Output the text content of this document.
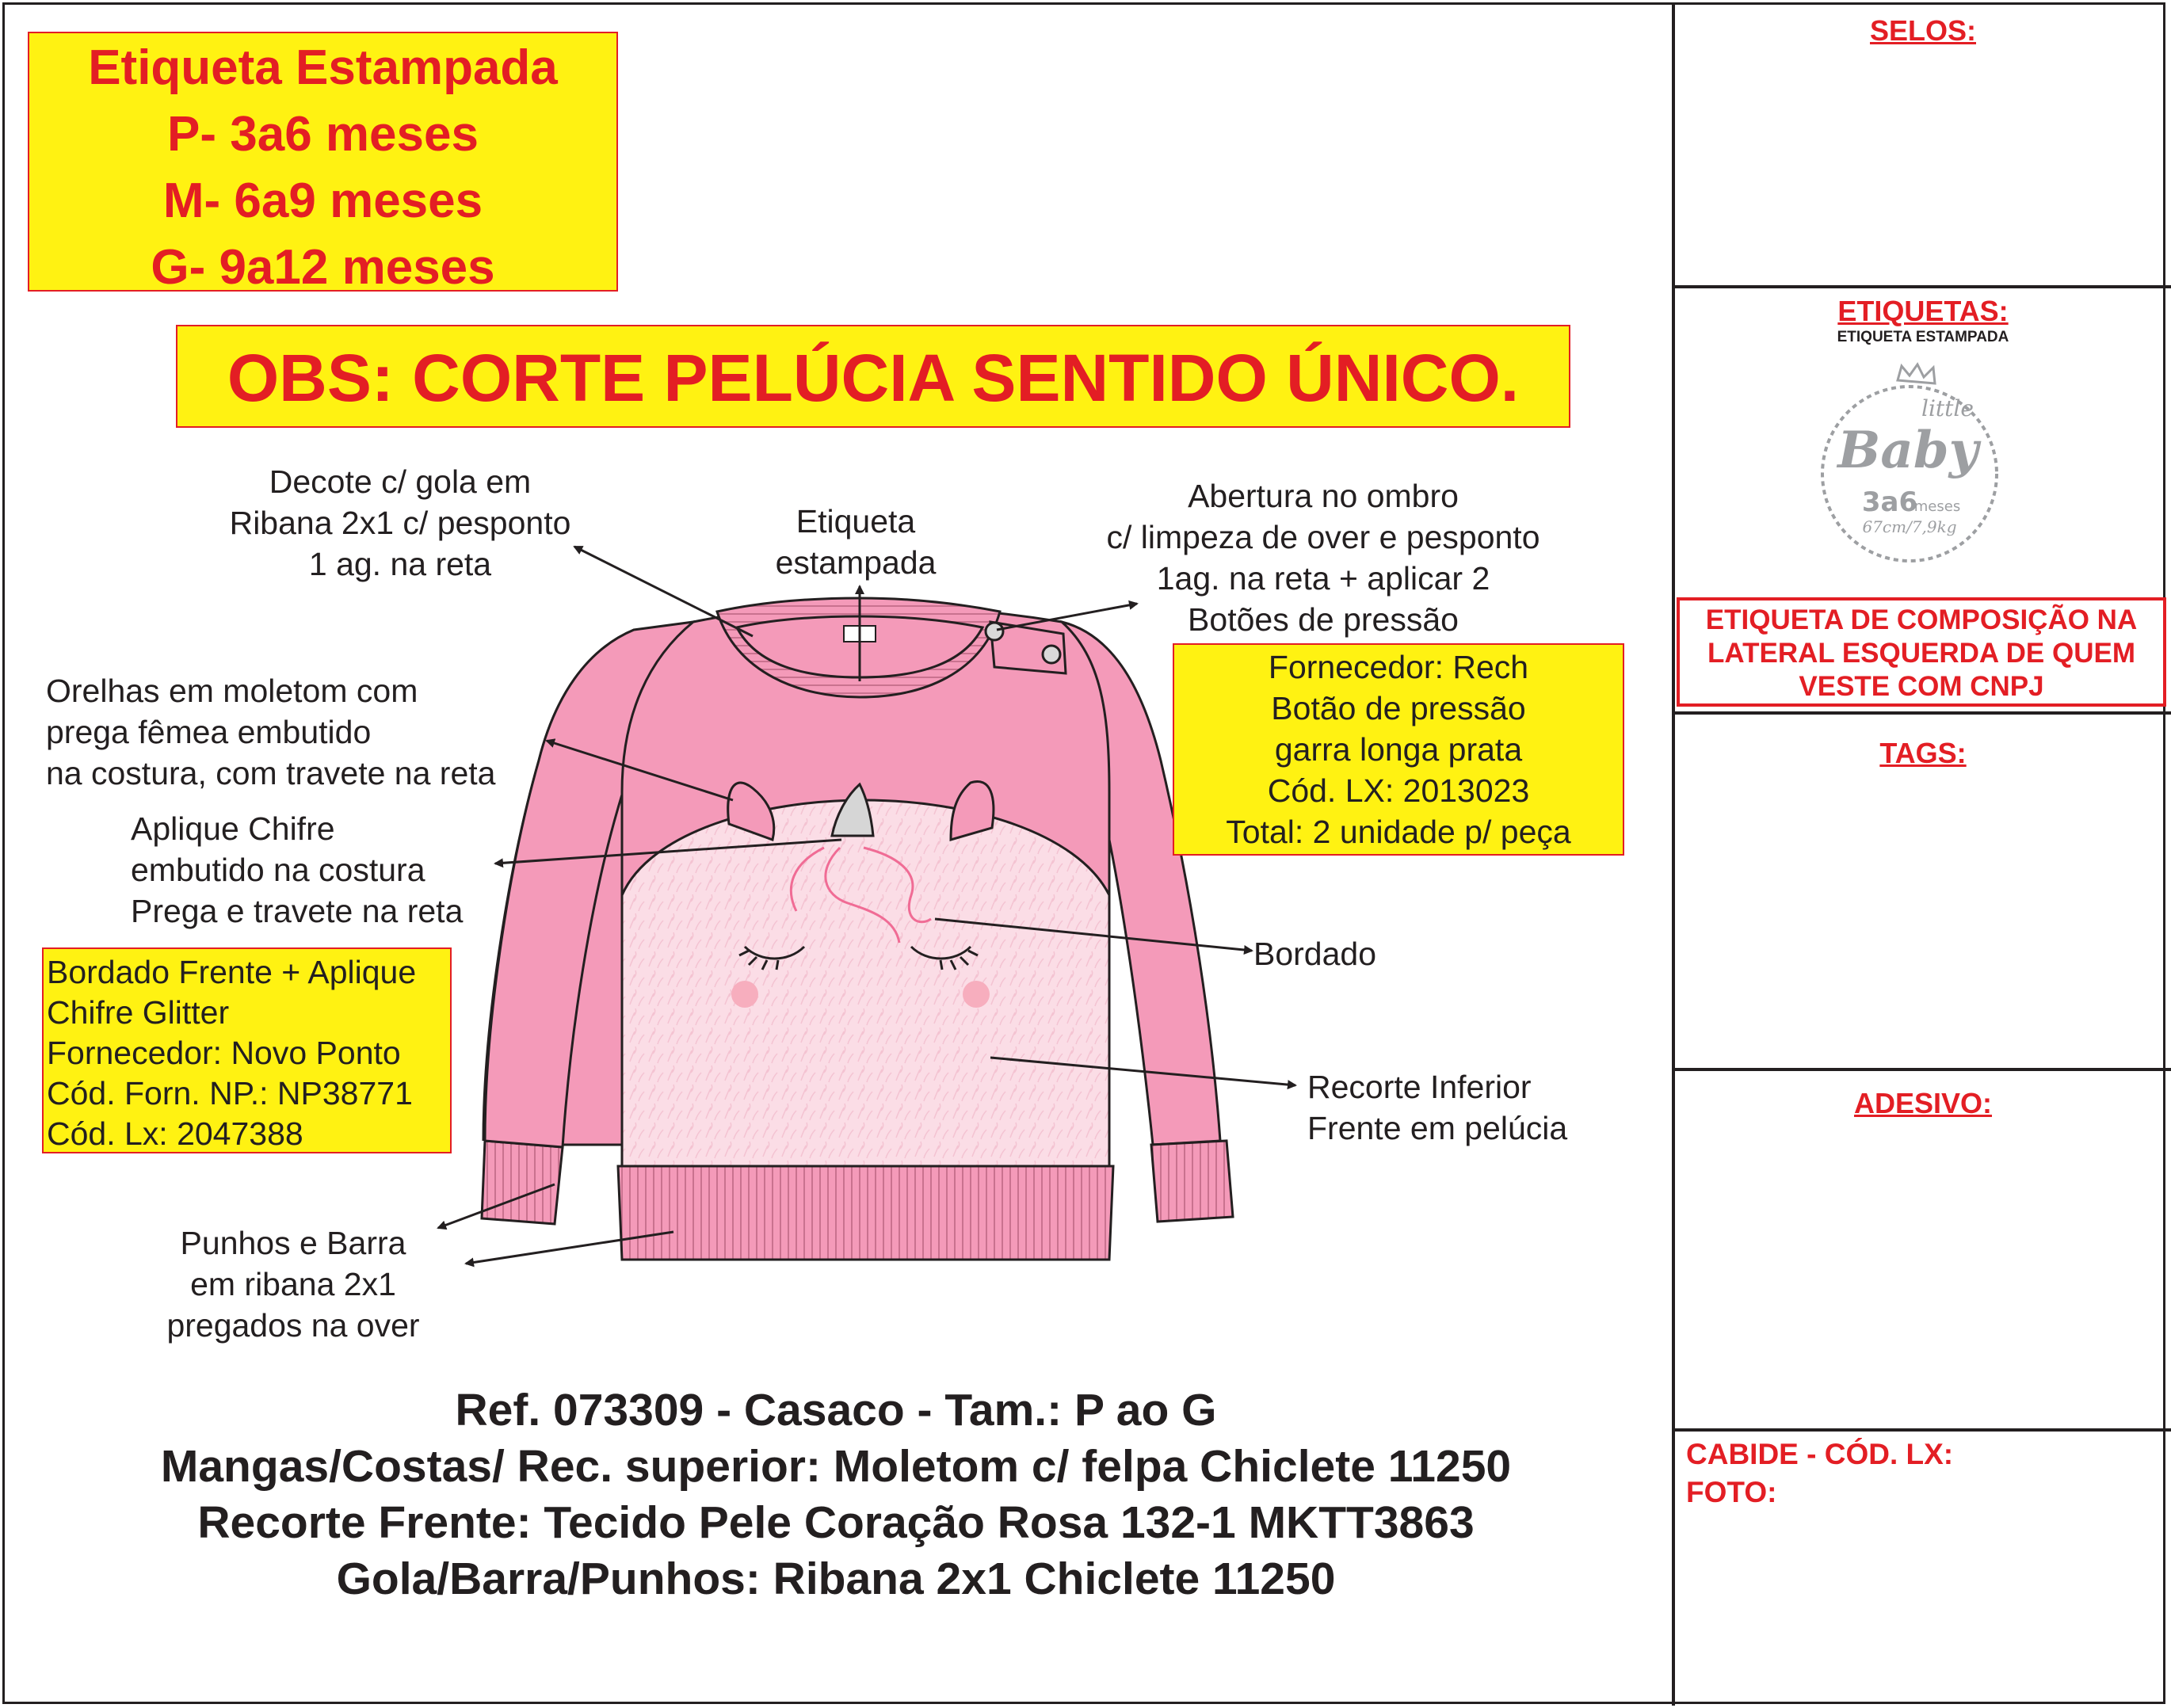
Etiqueta Estampada
P- 3a6 meses
M- 6a9 meses
G- 9a12 meses
OBS: CORTE PELÚCIA SENTIDO ÚNICO.
Decote c/ gola em
Ribana 2x1 c/ pesponto
1 ag. na reta
Etiqueta
estampada
Abertura no ombro
c/ limpeza de over e pesponto
1ag. na reta + aplicar 2
Botões de pressão
Orelhas em moletom com
prega fêmea embutido
na costura, com travete na reta
Aplique Chifre
embutido na costura
Prega e travete na reta
Bordado
Recorte Inferior
Frente em pelúcia
Punhos e Barra
em ribana 2x1
pregados na over
Fornecedor: Rech
Botão de pressão
garra longa prata
Cód. LX: 2013023
Total: 2 unidade p/ peça
Bordado Frente + Aplique
Chifre Glitter
Fornecedor: Novo Ponto
Cód. Forn. NP.: NP38771
Cód. Lx: 2047388
Ref. 073309 - Casaco - Tam.: P ao G
Mangas/Costas/ Rec. superior: Moletom c/ felpa Chiclete 11250
Recorte Frente: Tecido Pele Coração Rosa 132-1 MKTT3863
Gola/Barra/Punhos: Ribana 2x1 Chiclete 11250
SELOS:
ETIQUETAS:
ETIQUETA ESTAMPADA
little
Baby
3a6
meses
67cm/7,9kg
ETIQUETA DE COMPOSIÇÃO NA
LATERAL ESQUERDA DE QUEM
VESTE COM CNPJ
TAGS:
ADESIVO:
CABIDE - CÓD. LX:
FOTO:
